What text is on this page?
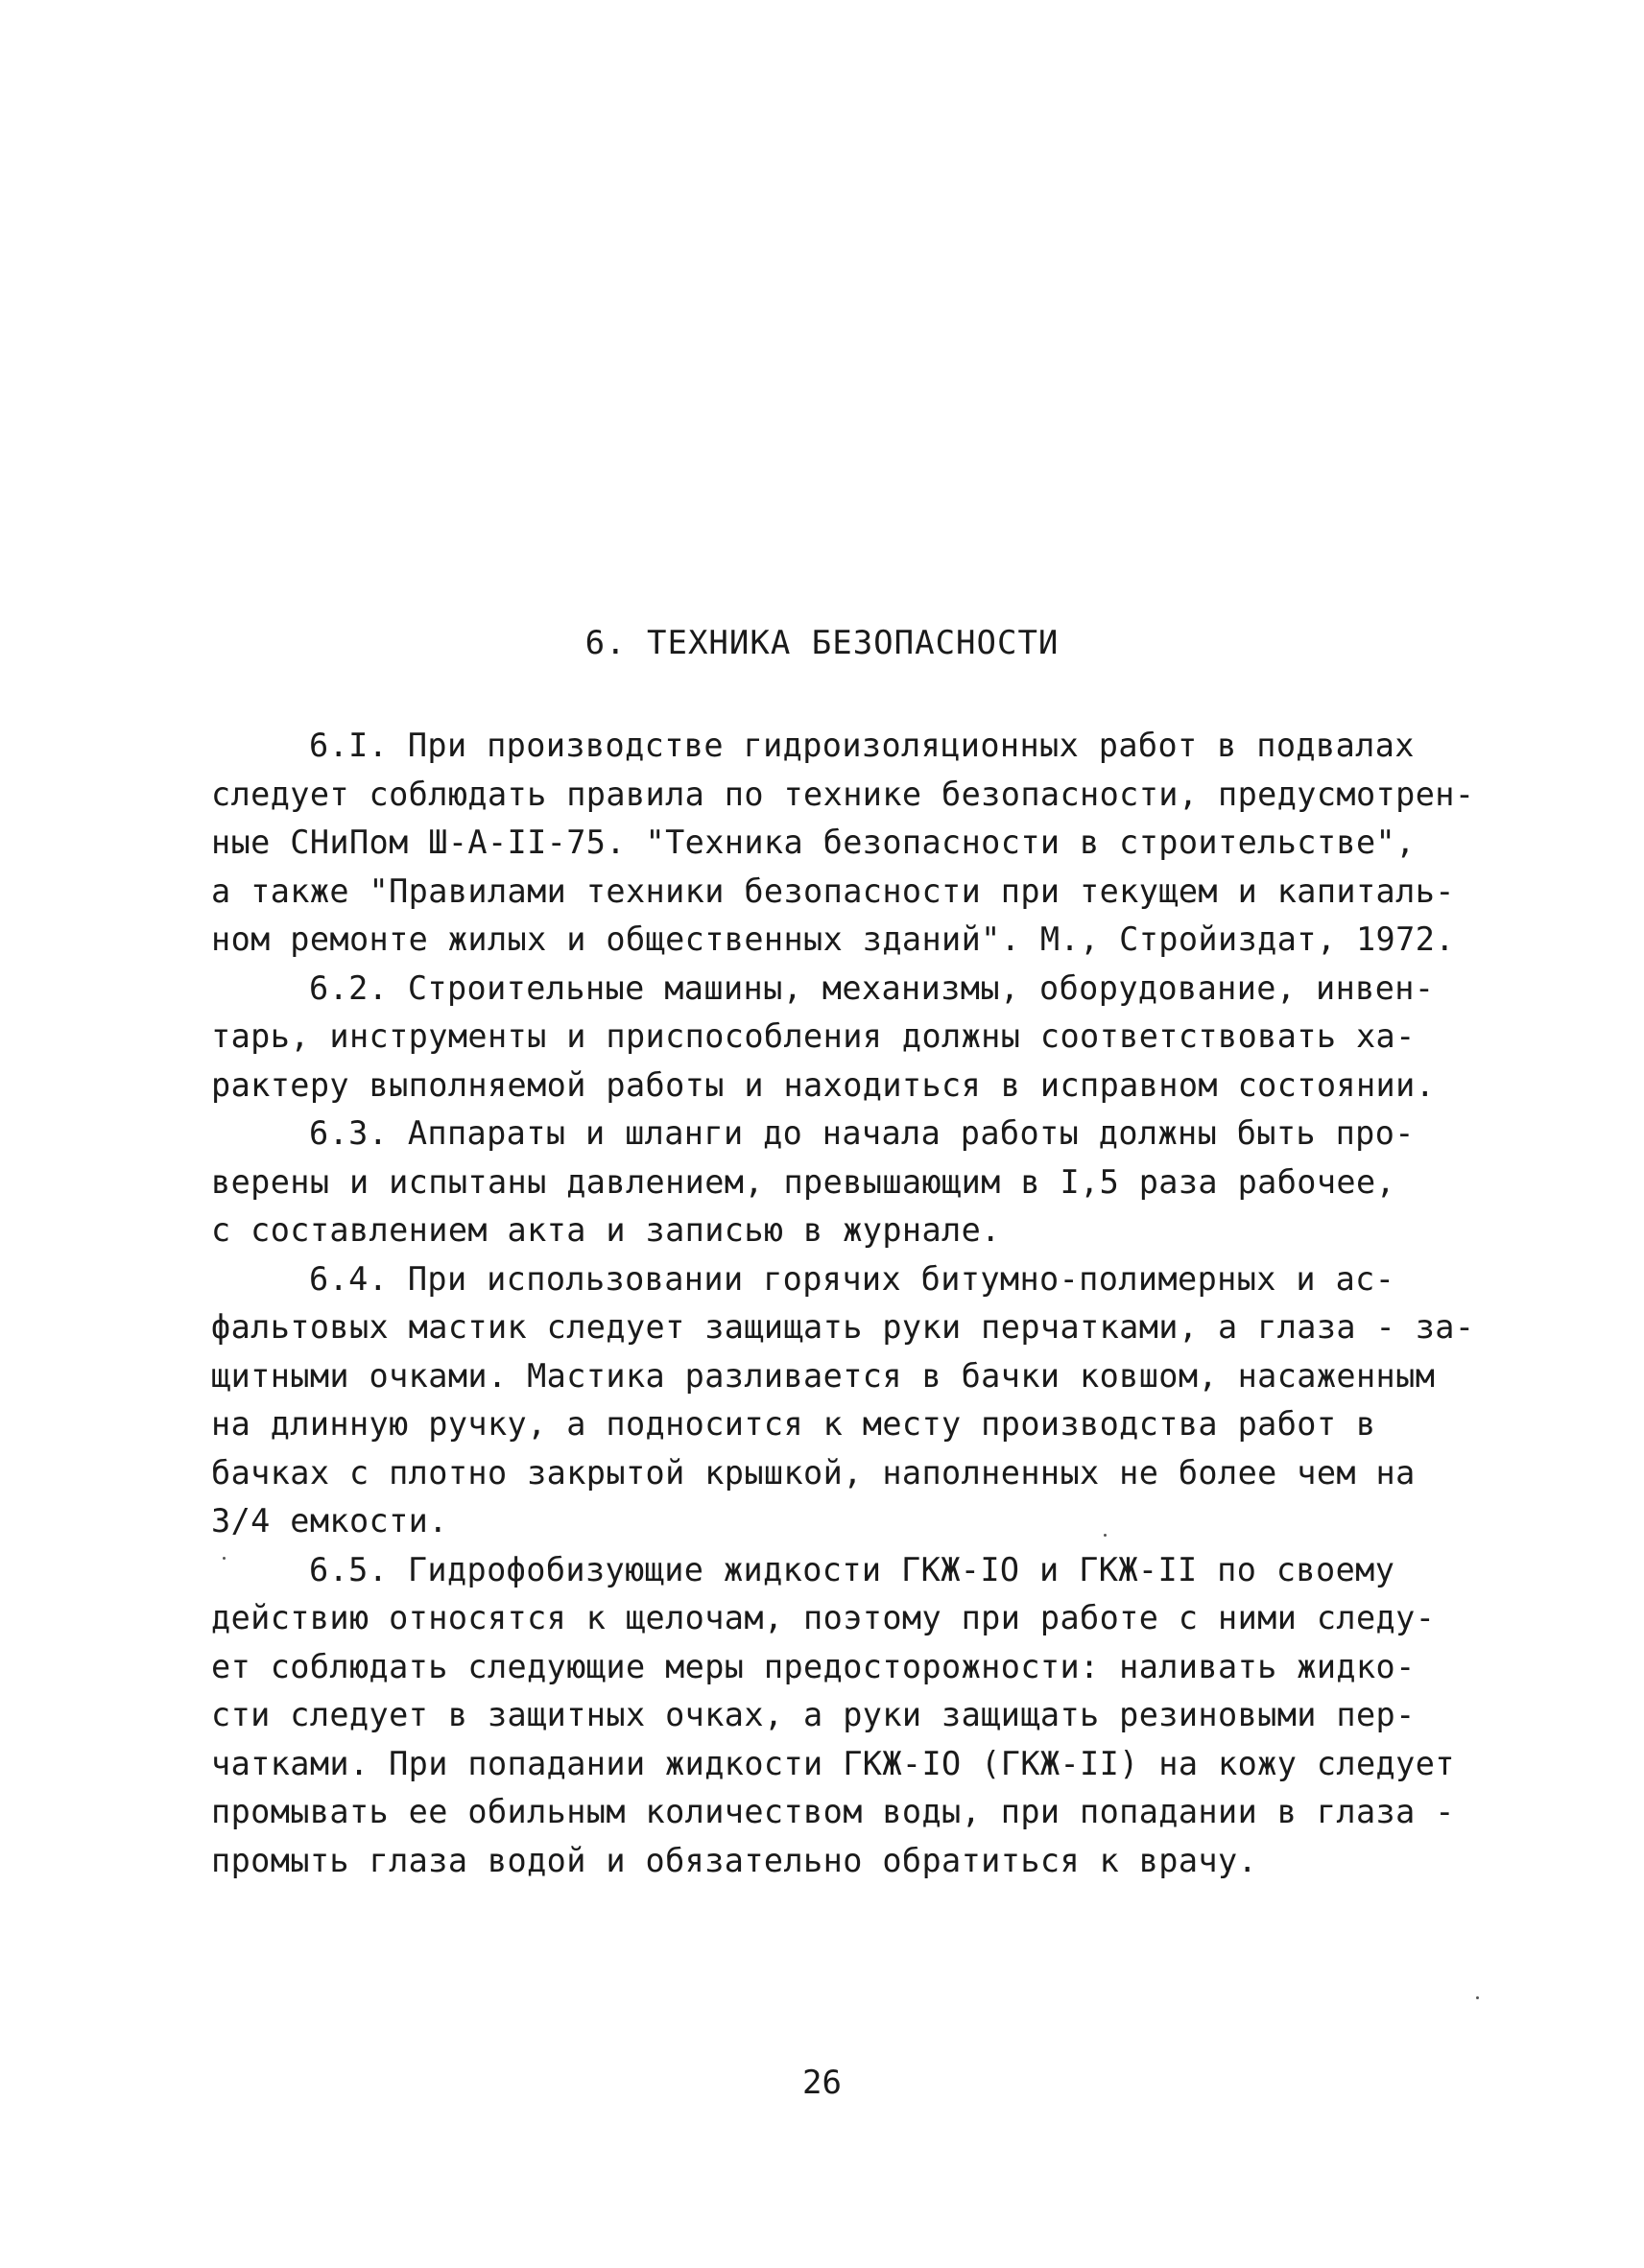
6. ТЕХНИКА БЕЗОПАСНОСТИ
6.I. При производстве гидроизоляционных работ в подвалах
следует соблюдать правила по технике безопасности, предусмотрен-
ные СНиПом Ш-А-II-75. "Техника безопасности в строительстве",
а также "Правилами техники безопасности при текущем и капиталь-
ном ремонте жилых и общественных зданий". М., Стройиздат, 1972.
6.2. Строительные машины, механизмы, оборудование, инвен-
тарь, инструменты и приспособления должны соответствовать ха-
рактеру выполняемой работы и находиться в исправном состоянии.
6.3. Аппараты и шланги до начала работы должны быть про-
верены и испытаны давлением, превышающим в I,5 раза рабочее,
с составлением акта и записью в журнале.
6.4. При использовании горячих битумно-полимерных и ас-
фальтовых мастик следует защищать руки перчатками, а глаза - за-
щитными очками. Мастика разливается в бачки ковшом, насаженным
на длинную ручку, а подносится к месту производства работ в
бачках с плотно закрытой крышкой, наполненных не более чем на
3/4 емкости.
6.5. Гидрофобизующие жидкости ГКЖ-IO и ГКЖ-II по своему
действию относятся к щелочам, поэтому при работе с ними следу-
ет соблюдать следующие меры предосторожности: наливать жидко-
сти следует в защитных очках, а руки защищать резиновыми пер-
чатками. При попадании жидкости ГКЖ-IO (ГКЖ-II) на кожу следует
промывать ее обильным количеством воды, при попадании в глаза -
промыть глаза водой и обязательно обратиться к врачу.
26
